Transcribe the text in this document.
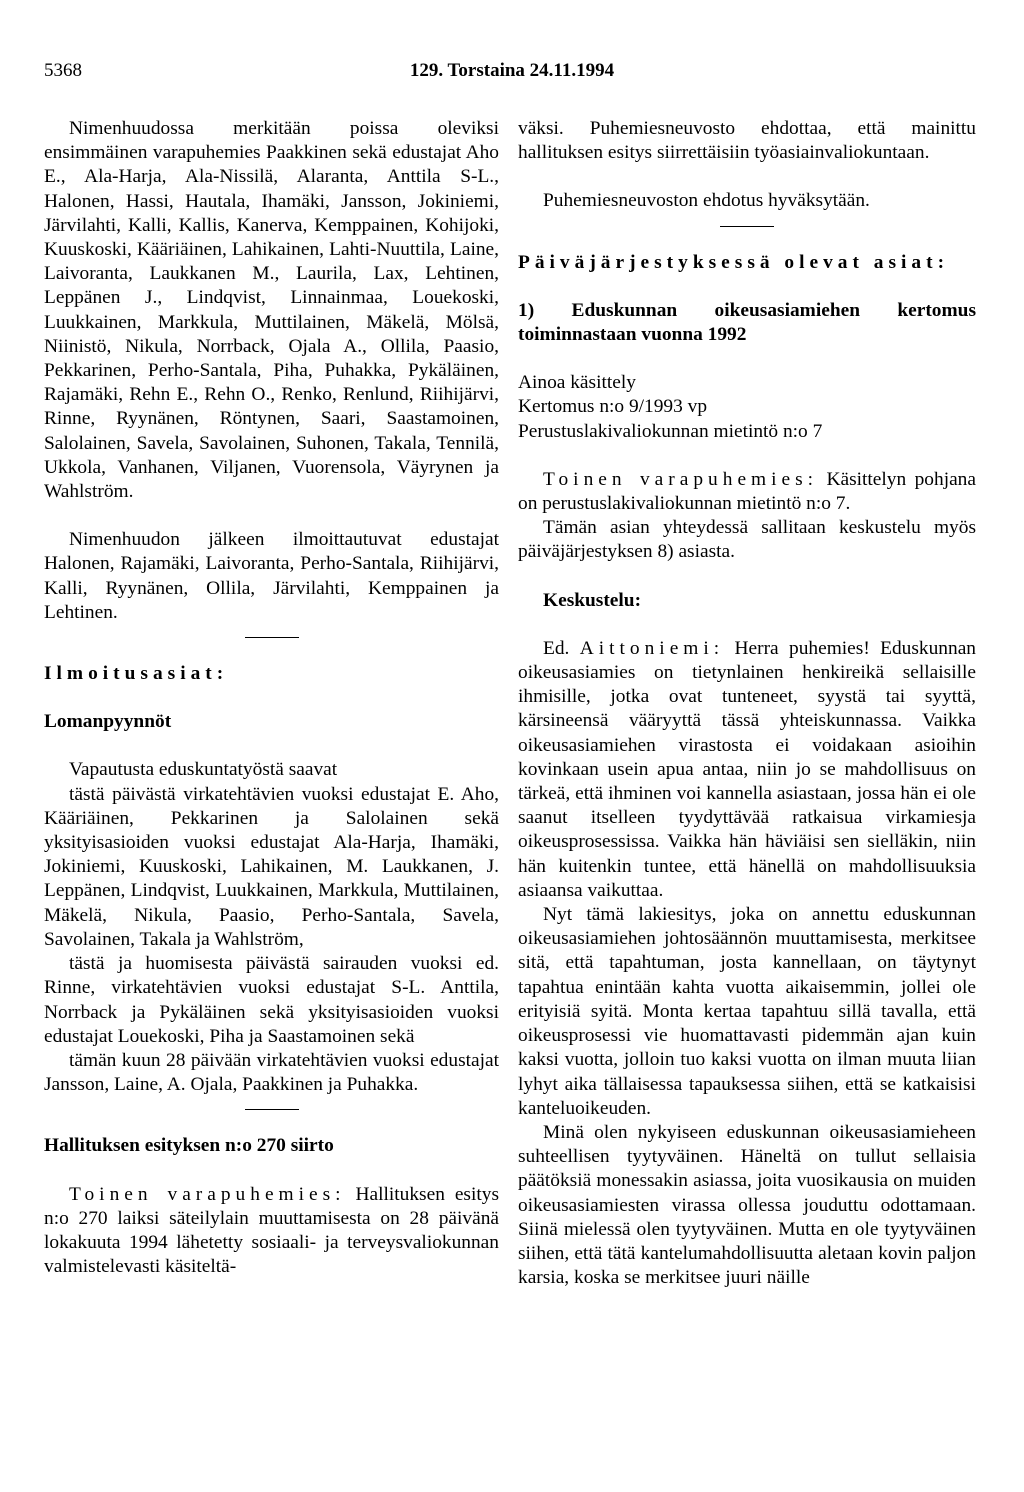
5368	129. Torstaina 24.11.1994

Nimenhuudossa merkitään poissa oleviksi ensimmäinen varapuhemies Paakkinen sekä edustajat Aho E., Ala-Harja, Ala-Nissilä, Alaranta, Anttila S-L., Halonen, Hassi, Hautala, Ihamäki, Jansson, Jokiniemi, Järvilahti, Kalli, Kallis, Kanerva, Kemppainen, Kohijoki, Kuuskoski, Kääriäinen, Lahikainen, Lahti-Nuuttila, Laine, Laivoranta, Laukkanen M., Laurila, Lax, Lehtinen, Leppänen J., Lindqvist, Linnainmaa, Louekoski, Luukkainen, Markkula, Muttilainen, Mäkelä, Mölsä, Niinistö, Nikula, Norrback, Ojala A., Ollila, Paasio, Pekkarinen, Perho-Santala, Piha, Puhakka, Pykäläinen, Rajamäki, Rehn E., Rehn O., Renko, Renlund, Riihijärvi, Rinne, Ryynänen, Röntynen, Saari, Saastamoinen, Salolainen, Savela, Savolainen, Suhonen, Takala, Tennilä, Ukkola, Vanhanen, Viljanen, Vuorensola, Väyrynen ja Wahlström.

Nimenhuudon jälkeen ilmoittautuvat edustajat Halonen, Rajamäki, Laivoranta, Perho-Santala, Riihijärvi, Kalli, Ryynänen, Ollila, Järvilahti, Kemppainen ja Lehtinen.

Ilmoitusasiat:

Lomanpyynnöt

Vapautusta eduskuntatyöstä saavat

tästä päivästä virkatehtävien vuoksi edustajat E. Aho, Kääriäinen, Pekkarinen ja Salolainen sekä yksityisasioiden vuoksi edustajat Ala-Harja, Ihamäki, Jokiniemi, Kuuskoski, Lahikainen, M. Laukkanen, J. Leppänen, Lindqvist, Luukkainen, Markkula, Muttilainen, Mäkelä, Nikula, Paasio, Perho-Santala, Savela, Savolainen, Takala ja Wahlström,

tästä ja huomisesta päivästä sairauden vuoksi ed. Rinne, virkatehtävien vuoksi edustajat S-L. Anttila, Norrback ja Pykäläinen sekä yksityisasioiden vuoksi edustajat Louekoski, Piha ja Saastamoinen sekä

tämän kuun 28 päivään virkatehtävien vuoksi edustajat Jansson, Laine, A. Ojala, Paakkinen ja Puhakka.

Hallituksen esityksen n:o 270 siirto

Toinen varapuhemies: Hallituksen esitys n:o 270 laiksi säteilylain muuttamisesta on 28 päivänä lokakuuta 1994 lähetetty sosiaali- ja terveysvaliokunnan valmistelevasti käsiteltä-

väksi. Puhemiesneuvosto ehdottaa, että mainittu hallituksen esitys siirrettäisiin työasiainvaliokuntaan.

Puhemiesneuvoston ehdotus hyväksytään.

Päiväjärjestyksessä olevat asiat:

1) Eduskunnan oikeusasiamiehen kertomus toiminnastaan vuonna 1992

Ainoa käsittely

Kertomus n:o 9/1993 vp

Perustuslakivaliokunnan mietintö n:o 7

Toinen varapuhemies: Käsittelyn pohjana on perustuslakivaliokunnan mietintö n:o 7.

Tämän asian yhteydessä sallitaan keskustelu myös päiväjärjestyksen 8) asiasta.

Keskustelu:

Ed. Aittoniemi: Herra puhemies! Eduskunnan oikeusasiamies on tietynlainen henkireikä sellaisille ihmisille, jotka ovat tunteneet, syystä tai syyttä, kärsineensä vääryyttä tässä yhteiskunnassa. Vaikka oikeusasiamiehen virastosta ei voidakaan asioihin kovinkaan usein apua antaa, niin jo se mahdollisuus on tärkeä, että ihminen voi kannella asiastaan, jossa hän ei ole saanut itselleen tyydyttävää ratkaisua virkamiesja oikeusprosessissa. Vaikka hän häviäisi sen sielläkin, niin hän kuitenkin tuntee, että hänellä on mahdollisuuksia asiaansa vaikuttaa.

Nyt tämä lakiesitys, joka on annettu eduskunnan oikeusasiamiehen johtosäännön muuttamisesta, merkitsee sitä, että tapahtuman, josta kannellaan, on täytynyt tapahtua enintään kahta vuotta aikaisemmin, jollei ole erityisiä syitä. Monta kertaa tapahtuu sillä tavalla, että oikeusprosessi vie huomattavasti pidemmän ajan kuin kaksi vuotta, jolloin tuo kaksi vuotta on ilman muuta liian lyhyt aika tällaisessa tapauksessa siihen, että se katkaisisi kanteluoikeuden.

Minä olen nykyiseen eduskunnan oikeusasiamieheen suhteellisen tyytyväinen. Häneltä on tullut sellaisia päätöksiä monessakin asiassa, joita vuosikausia on muiden oikeusasiamiesten virassa ollessa jouduttu odottamaan. Siinä mielessä olen tyytyväinen. Mutta en ole tyytyväinen siihen, että tätä kantelumahdollisuutta aletaan kovin paljon karsia, koska se merkitsee juuri näille
